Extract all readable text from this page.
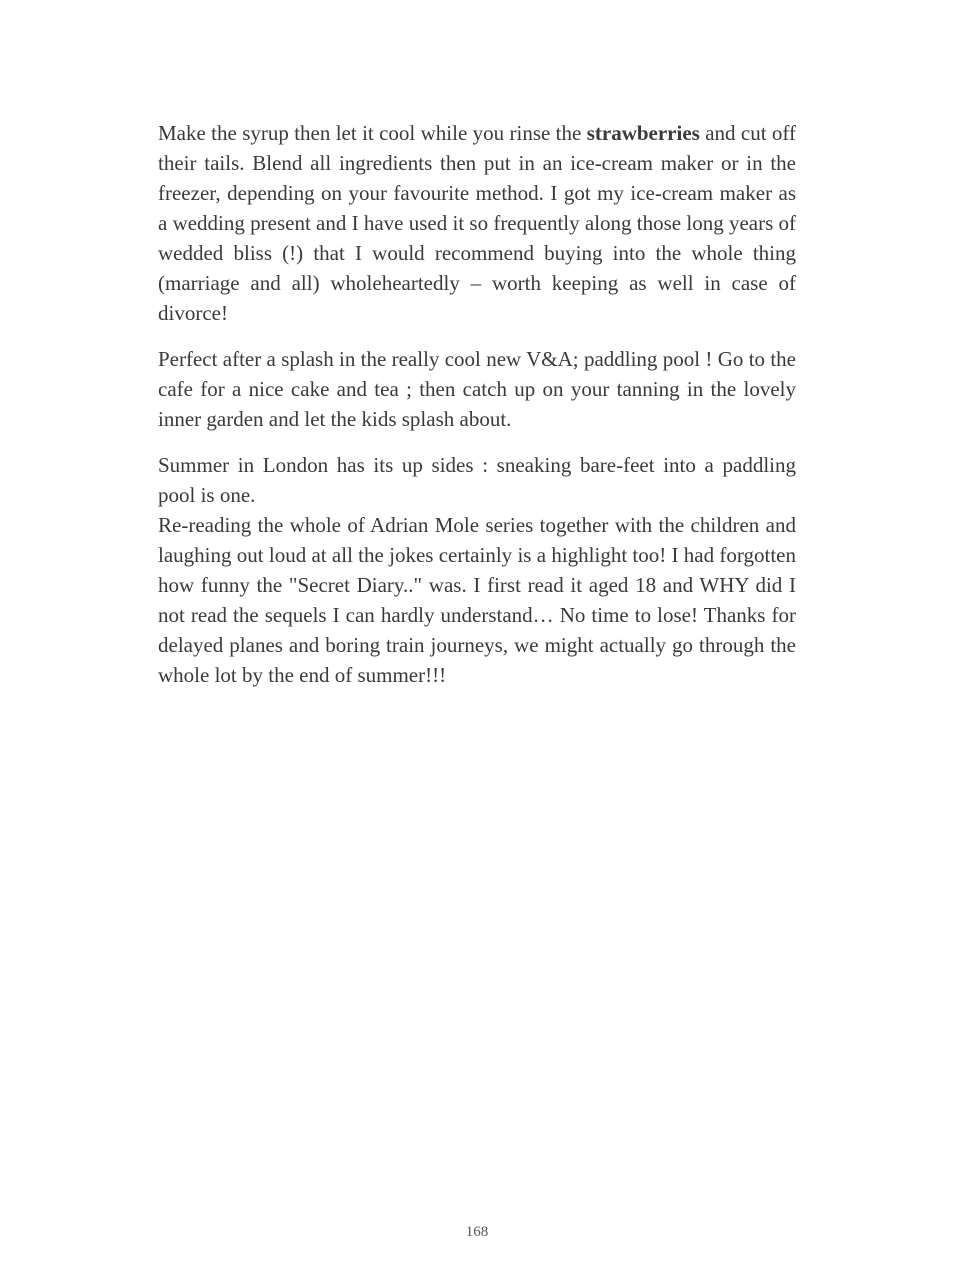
Make the syrup then let it cool while you rinse the strawberries and cut off their tails. Blend all ingredients then put in an ice-cream maker or in the freezer, depending on your favourite method. I got my ice-cream maker as a wedding present and I have used it so frequently along those long years of wedded bliss (!) that I would recommend buying into the whole thing (marriage and all) wholeheartedly – worth keeping as well in case of divorce!

Perfect after a splash in the really cool new V&A; paddling pool ! Go to the cafe for a nice cake and tea ; then catch up on your tanning in the lovely inner garden and let the kids splash about.

Summer in London has its up sides : sneaking bare-feet into a paddling pool is one.

Re-reading the whole of Adrian Mole series together with the children and laughing out loud at all the jokes certainly is a highlight too! I had forgotten how funny the "Secret Diary.." was. I first read it aged 18 and WHY did I not read the sequels I can hardly understand… No time to lose! Thanks for delayed planes and boring train journeys, we might actually go through the whole lot by the end of summer!!!

168
